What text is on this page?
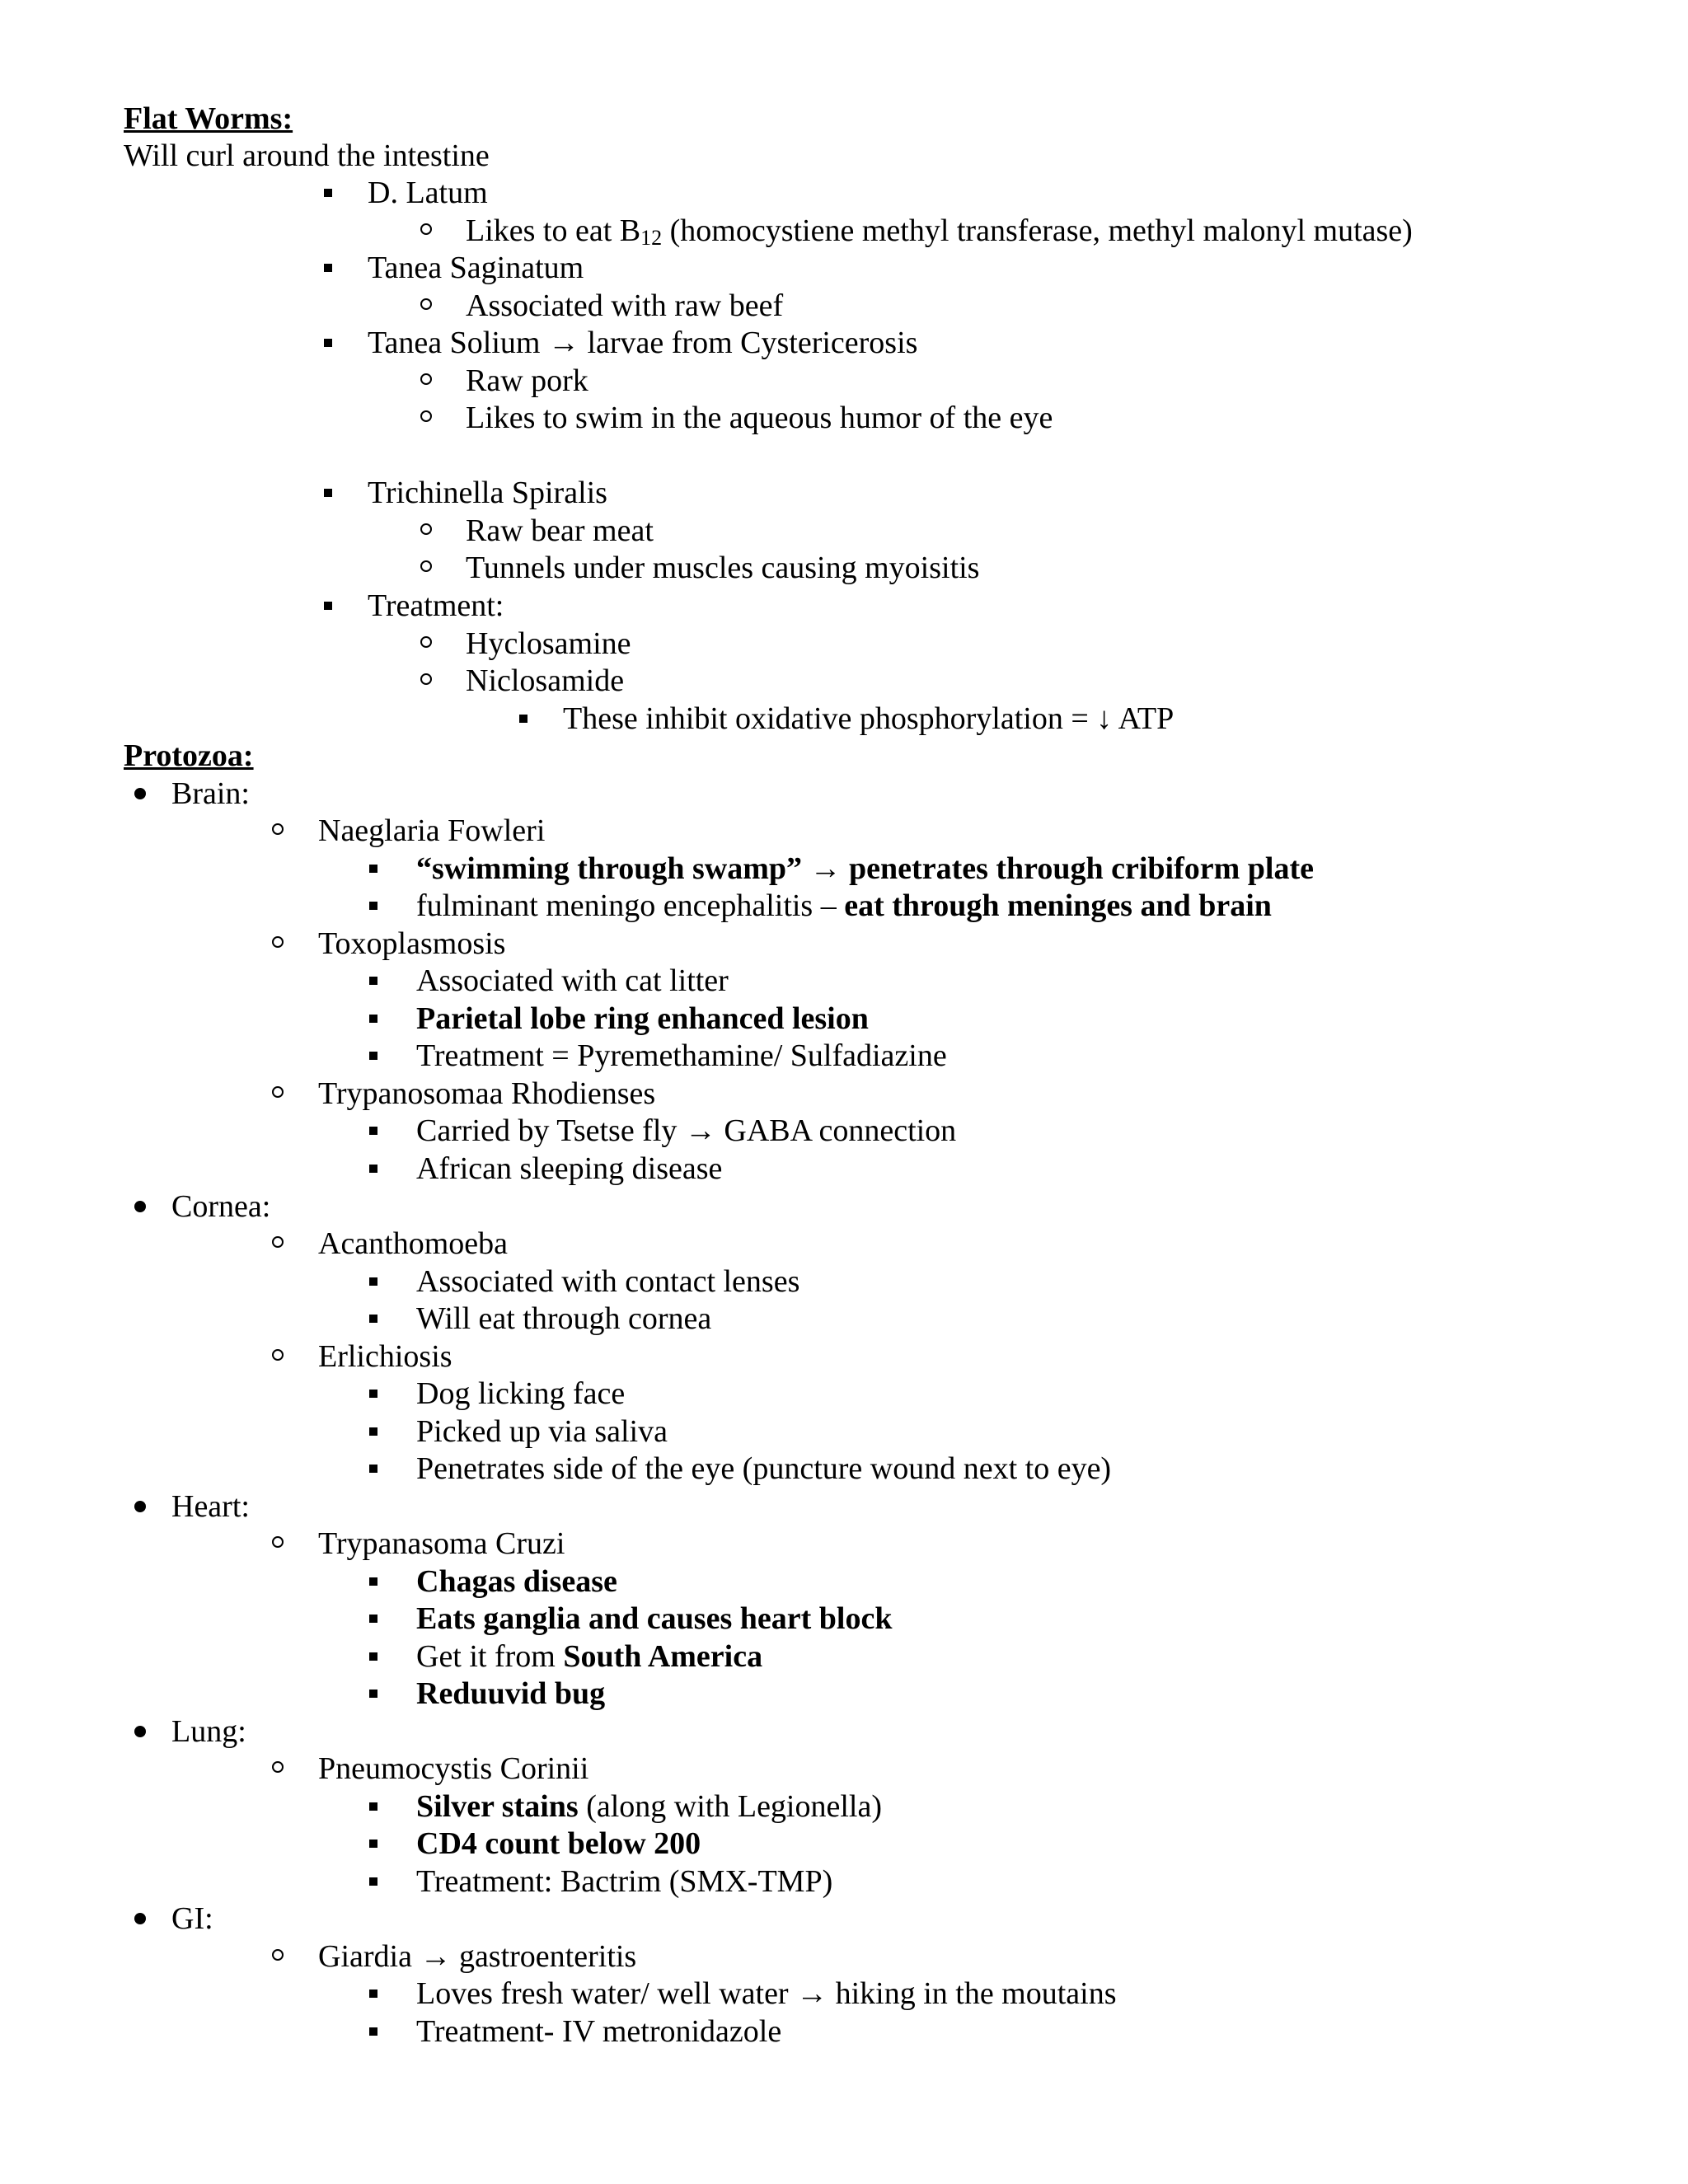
Flat Worms:
Will curl around the intestine
D. Latum
Likes to eat $B_{12}$ (homocystiene methyl transferase, methyl malonyl mutase)
Tanea Saginatum
Associated with raw beef
Tanea Solium → larvae from Cystericerosis
Raw pork
Likes to swim in the aqueous humor of the eye
Trichinella Spiralis
Raw bear meat
Tunnels under muscles causing myoisitis
Treatment:
Hyclosamine
Niclosamide
These inhibit oxidative phosphorylation = ↓ ATP
Protozoa:
Brain:
Naeglaria Fowleri
“swimming through swamp” → penetrates through cribiform plate
fulminant meningo encephalitis – eat through meninges and brain
Toxoplasmosis
Associated with cat litter
Parietal lobe ring enhanced lesion
Treatment = Pyremethamine/ Sulfadiazine
Trypanosomaa Rhodienses
Carried by Tsetse fly → GABA connection
African sleeping disease
Cornea:
Acanthomoeba
Associated with contact lenses
Will eat through cornea
Erlichiosis
Dog licking face
Picked up via saliva
Penetrates side of the eye (puncture wound next to eye)
Heart:
Trypanasoma Cruzi
Chagas disease
Eats ganglia and causes heart block
Get it from South America
Reduuvid bug
Lung:
Pneumocystis Corinii
Silver stains (along with Legionella)
CD4 count below 200
Treatment: Bactrim (SMX-TMP)
GI:
Giardia → gastroenteritis
Loves fresh water/ well water → hiking in the moutains
Treatment- IV metronidazole
